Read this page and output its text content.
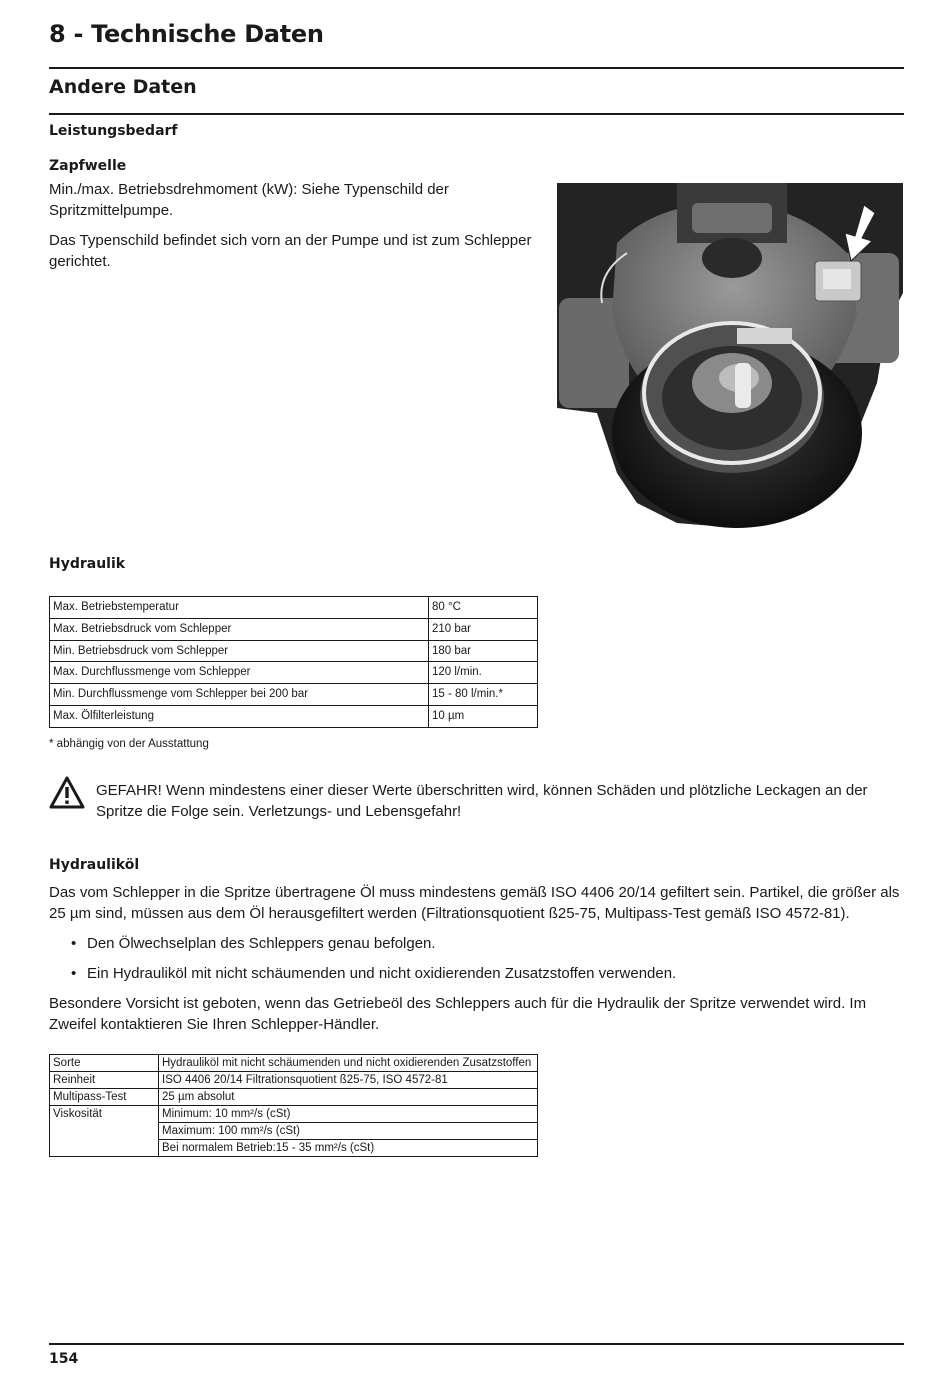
8 - Technische Daten
Andere Daten
Leistungsbedarf
Zapfwelle
Min./max. Betriebsdrehmoment (kW): Siehe Typenschild der Spritzmittelpumpe.
Das Typenschild befindet sich vorn an der Pumpe und ist zum Schlepper gerichtet.
Hydraulik
Max. Betriebstemperatur	80 °C
Max. Betriebsdruck vom Schlepper	210 bar
Min. Betriebsdruck vom Schlepper	180 bar
Max. Durchflussmenge vom Schlepper	120 l/min.
Min. Durchflussmenge vom Schlepper bei 200 bar	15 - 80 l/min.*
Max. Ölfilterleistung	10 µm
* abhängig von der Ausstattung
GEFAHR! Wenn mindestens einer dieser Werte überschritten wird, können Schäden und plötzliche Leckagen an der Spritze die Folge sein. Verletzungs- und Lebensgefahr!
Hydrauliköl
Das vom Schlepper in die Spritze übertragene Öl muss mindestens gemäß ISO 4406 20/14 gefiltert sein. Partikel, die größer als 25 µm sind, müssen aus dem Öl herausgefiltert werden (Filtrationsquotient ß25-75, Multipass-Test gemäß ISO 4572-81).
• Den Ölwechselplan des Schleppers genau befolgen.
• Ein Hydrauliköl mit nicht schäumenden und nicht oxidierenden Zusatzstoffen verwenden.
Besondere Vorsicht ist geboten, wenn das Getriebeöl des Schleppers auch für die Hydraulik der Spritze verwendet wird. Im Zweifel kontaktieren Sie Ihren Schlepper-Händler.
Sorte	Hydrauliköl mit nicht schäumenden und nicht oxidierenden Zusatzstoffen
Reinheit	ISO 4406 20/14 Filtrationsquotient ß25-75, ISO 4572-81
Multipass-Test	25 µm absolut
Viskosität	Minimum: 10 mm²/s (cSt)
	Maximum: 100 mm²/s (cSt)
	Bei normalem Betrieb:15 - 35 mm²/s (cSt)
154
